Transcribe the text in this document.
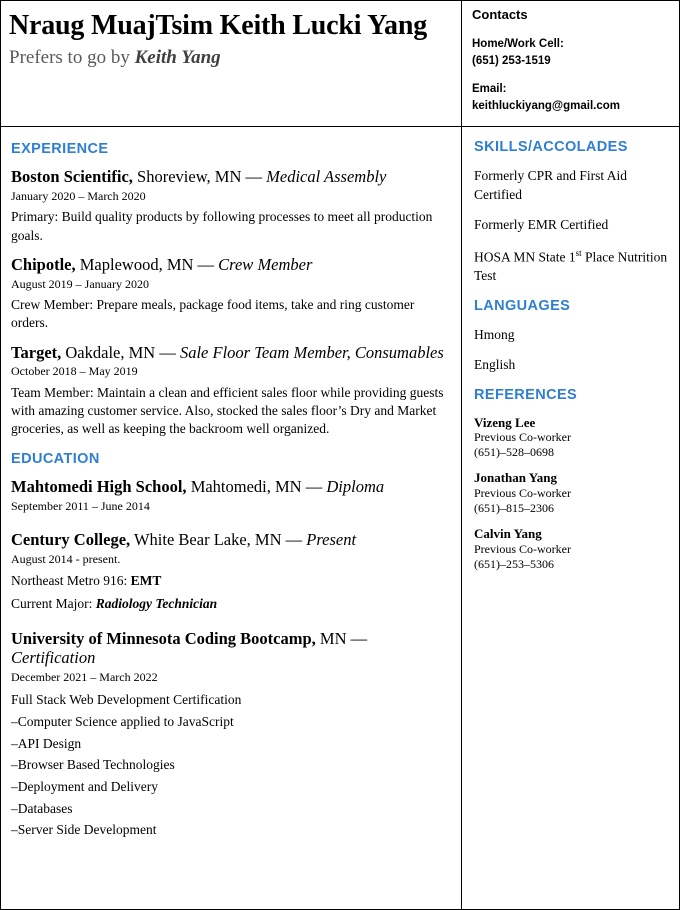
Nraug MuajTsim Keith Lucki Yang
Prefers to go by Keith Yang
EXPERIENCE
Boston Scientific, Shoreview, MN — Medical Assembly
January 2020 – March 2020
Primary: Build quality products by following processes to meet all production goals.
Chipotle, Maplewood, MN — Crew Member
August 2019 – January 2020
Crew Member: Prepare meals, package food items, take and ring customer orders.
Target, Oakdale, MN — Sale Floor Team Member, Consumables
October 2018 – May 2019
Team Member: Maintain a clean and efficient sales floor while providing guests with amazing customer service. Also, stocked the sales floor’s Dry and Market groceries, as well as keeping the backroom well organized.
EDUCATION
Mahtomedi High School, Mahtomedi, MN — Diploma
September 2011 – June 2014
Century College, White Bear Lake, MN — Present
August 2014 - present.
Northeast Metro 916: EMT
Current Major: Radiology Technician
University of Minnesota Coding Bootcamp, MN — Certification
December 2021 – March 2022
Full Stack Web Development Certification
–Computer Science applied to JavaScript
–API Design
–Browser Based Technologies
–Deployment and Delivery
–Databases
–Server Side Development
Contacts
Home/Work Cell:
(651) 253-1519
Email:
keithluckiyang@gmail.com
SKILLS/ACCOLADES
Formerly CPR and First Aid Certified
Formerly EMR Certified
HOSA MN State 1st Place Nutrition Test
LANGUAGES
Hmong
English
REFERENCES
Vizeng Lee
Previous Co-worker
(651)–528–0698
Jonathan Yang
Previous Co-worker
(651)–815–2306
Calvin Yang
Previous Co-worker
(651)–253–5306
